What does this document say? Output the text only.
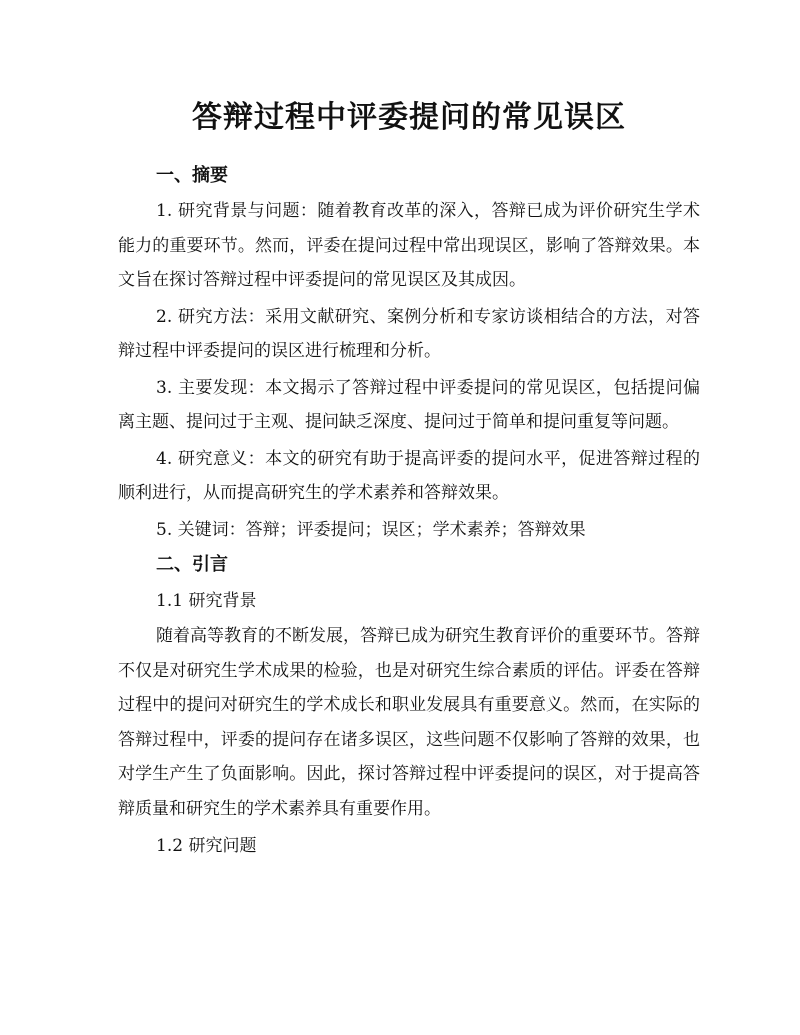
答辩过程中评委提问的常见误区

一、摘要

1. 研究背景与问题：随着教育改革的深入，答辩已成为评价研究生学术能力的重要环节。然而，评委在提问过程中常出现误区，影响了答辩效果。本文旨在探讨答辩过程中评委提问的常见误区及其成因。

2. 研究方法：采用文献研究、案例分析和专家访谈相结合的方法，对答辩过程中评委提问的误区进行梳理和分析。

3. 主要发现：本文揭示了答辩过程中评委提问的常见误区，包括提问偏离主题、提问过于主观、提问缺乏深度、提问过于简单和提问重复等问题。

4. 研究意义：本文的研究有助于提高评委的提问水平，促进答辩过程的顺利进行，从而提高研究生的学术素养和答辩效果。

5. 关键词：答辩；评委提问；误区；学术素养；答辩效果

二、引言

1.1 研究背景

随着高等教育的不断发展，答辩已成为研究生教育评价的重要环节。答辩不仅是对研究生学术成果的检验，也是对研究生综合素质的评估。评委在答辩过程中的提问对研究生的学术成长和职业发展具有重要意义。然而，在实际的答辩过程中，评委的提问存在诸多误区，这些问题不仅影响了答辩的效果，也对学生产生了负面影响。因此，探讨答辩过程中评委提问的误区，对于提高答辩质量和研究生的学术素养具有重要作用。

1.2 研究问题
